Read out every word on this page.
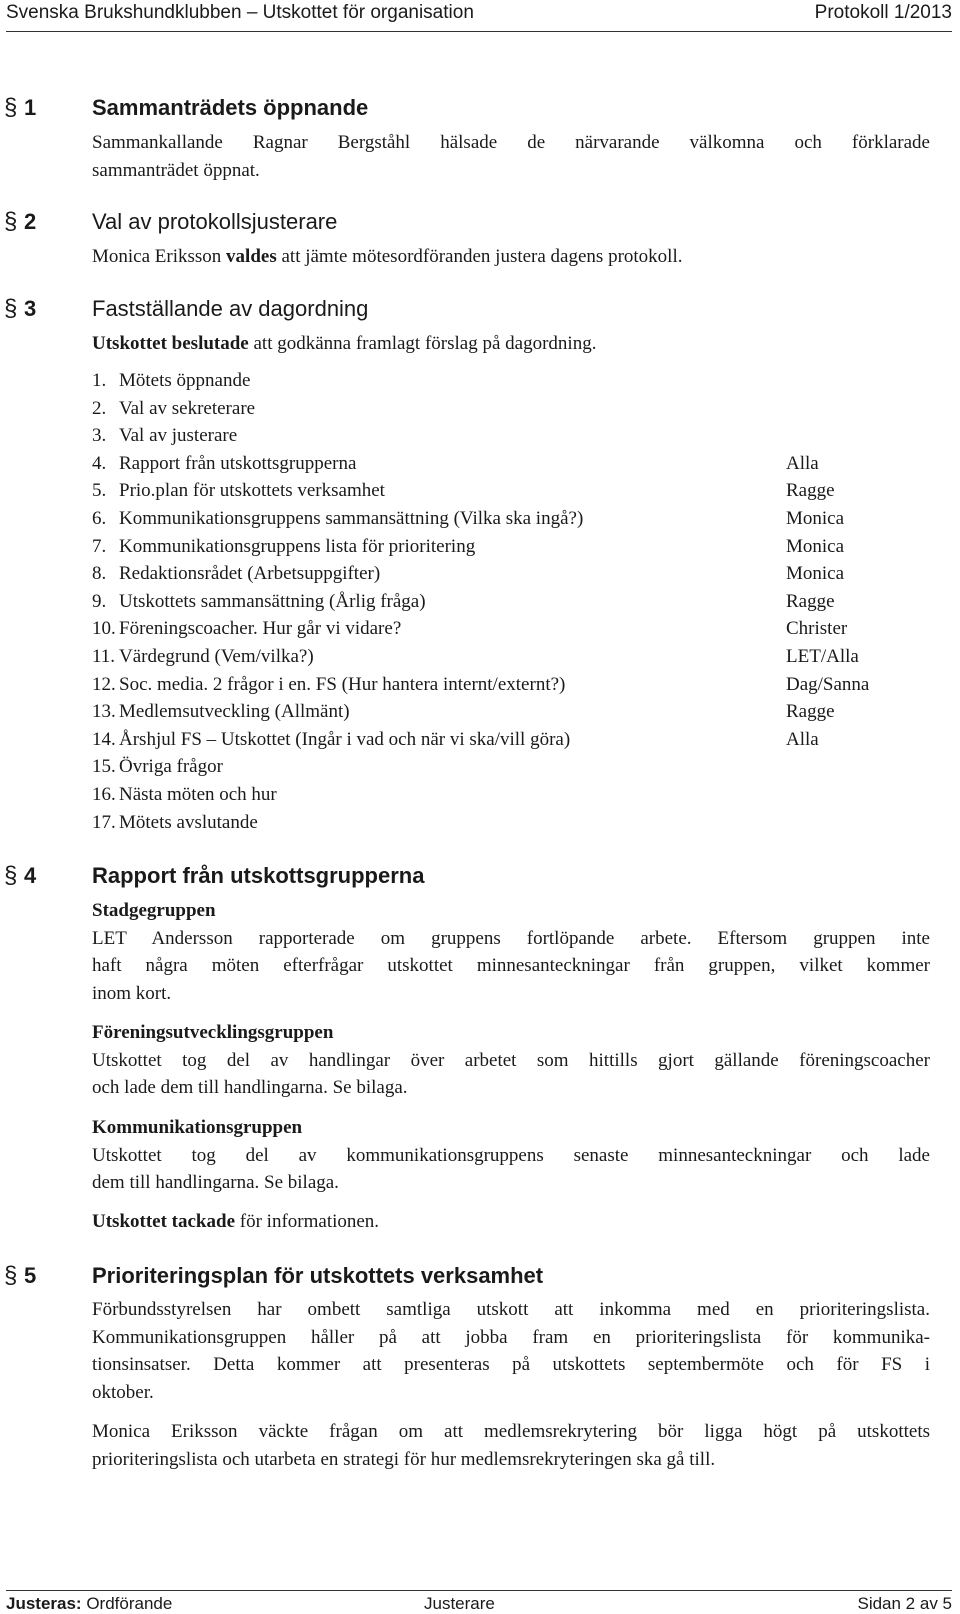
Svenska Brukshundklubben – Utskottet för organisation	Protokoll 1/2013
§ 1	Sammanträdets öppnande
Sammankallande Ragnar Bergståhl hälsade de närvarande välkomna och förklarade
sammanträdet öppnat.
§ 2	Val av protokollsjusterare
Monica Eriksson valdes att jämte mötesordföranden justera dagens protokoll.
§ 3	Fastställande av dagordning
Utskottet beslutade att godkänna framlagt förslag på dagordning.
1. Mötets öppnande
2. Val av sekreterare
3. Val av justerare
4. Rapport från utskottsgrupperna	Alla
5. Prio.plan för utskottets verksamhet	Ragge
6. Kommunikationsgruppens sammansättning (Vilka ska ingå?)	Monica
7. Kommunikationsgruppens lista för prioritering	Monica
8. Redaktionsrådet (Arbetsuppgifter)	Monica
9. Utskottets sammansättning (Årlig fråga)	Ragge
10. Föreningscoacher. Hur går vi vidare?	Christer
11. Värdegrund (Vem/vilka?)	LET/Alla
12. Soc. media. 2 frågor i en. FS (Hur hantera internt/externt?)	Dag/Sanna
13. Medlemsutveckling (Allmänt)	Ragge
14. Årshjul FS – Utskottet (Ingår i vad och när vi ska/vill göra)	Alla
15. Övriga frågor
16. Nästa möten och hur
17. Mötets avslutande
§ 4	Rapport från utskottsgrupperna
Stadgegruppen
LET Andersson rapporterade om gruppens fortlöpande arbete. Eftersom gruppen inte
haft några möten efterfrågar utskottet minnesanteckningar från gruppen, vilket kommer
inom kort.
Föreningsutvecklingsgruppen
Utskottet tog del av handlingar över arbetet som hittills gjort gällande föreningscoacher
och lade dem till handlingarna. Se bilaga.
Kommunikationsgruppen
Utskottet tog del av kommunikationsgruppens senaste minnesanteckningar och lade
dem till handlingarna. Se bilaga.
Utskottet tackade för informationen.
§ 5	Prioriteringsplan för utskottets verksamhet
Förbundsstyrelsen har ombett samtliga utskott att inkomma med en prioriteringslista.
Kommunikationsgruppen håller på att jobba fram en prioriteringslista för kommunika-
tionsinsatser. Detta kommer att presenteras på utskottets septembermöte och för FS i
oktober.
Monica Eriksson väckte frågan om att medlemsrekrytering bör ligga högt på utskottets
prioriteringslista och utarbeta en strategi för hur medlemsrekryteringen ska gå till.
Justeras: Ordförande	Justerare	Sidan 2 av 5
